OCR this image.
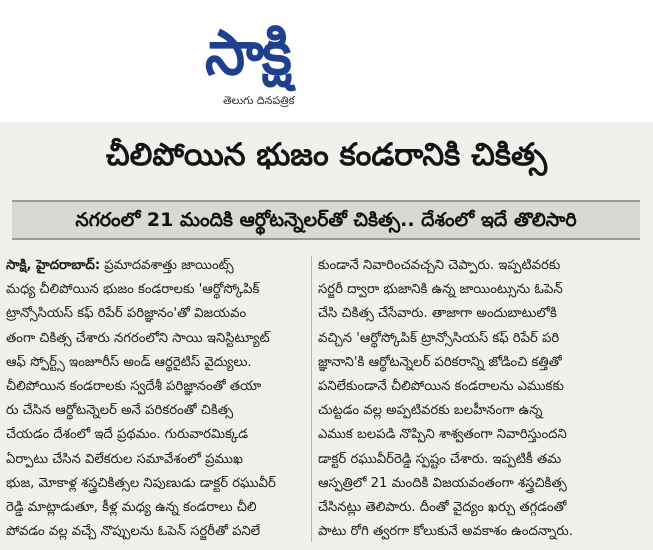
సాక్షి
తెలుగు దినపత్రిక
చీలిపోయిన భుజం కండరానికి చికిత్స
నగరంలో 21 మందికి ఆర్థోటన్నెలర్‌తో చికిత్స.. దేశంలో ఇదే తొలిసారి
సాక్షి, హైదరాబాద్: ప్రమాదవశాత్తు జాయింట్స్
మధ్య చీలిపోయిన భుజం కండరాలకు 'ఆర్థోస్కోపిక్
ట్రాన్సోసియస్ కఫ్ రిపేర్ పరిజ్ఞానం'తో విజయవం
తంగా చికిత్స చేశారు నగరంలోని సాయి ఇనిస్టిట్యూట్
ఆఫ్ స్పోర్ట్స్ ఇంజూరీస్ అండ్ ఆర్థరైటిస్ వైద్యులు.
చీలిపోయిన కండరాలకు స్వదేశీ పరిజ్ఞానంతో తయా
రు చేసిన ఆర్థోటన్నెలర్ అనే పరికరంతో చికిత్స
చేయడం దేశంలో ఇదే ప్రథమం. గురువారమిక్కడ
ఏర్పాటు చేసిన విలేకరుల సమావేశంలో ప్రముఖ
భుజ, మోకాళ్ల శస్త్రచికిత్సల నిపుణుడు డాక్టర్ రఘువీర్
రెడ్డి మాట్లాడుతూ, కీళ్ల మధ్య ఉన్న కండరాలు చీలి
పోవడం వల్ల వచ్చే నొప్పులను ఓపెన్ సర్జరీతో పనిలే
కుండానే నివారించవచ్చని చెప్పారు. ఇప్పటివరకు
సర్జరీ ద్వారా భుజానికి ఉన్న జాయింట్సును ఓపెన్
చేసి చికిత్స చేసేవారు. తాజాగా అందుబాటులోకి
వచ్చిన 'ఆర్థోస్కోపిక్ ట్రాన్సోసియస్ కఫ్ రిపేర్ పరి
జ్ఞానాని'కి ఆర్థోటన్నెలర్ పరికరాన్ని జోడించి కత్తితో
పనిలేకుండానే చీలిపోయిన కండరాలను ఎముకకు
చుట్టడం వల్ల అప్పటివరకు బలహీనంగా ఉన్న
ఎముక బలపడి నొప్పిని శాశ్వతంగా నివారిస్తుందని
డాక్టర్ రఘువీర్‌రెడ్డి స్పష్టం చేశారు. ఇప్పటికీ తమ
ఆస్పత్రిలో 21 మందికి విజయవంతంగా శస్త్రచికిత్స
చేసినట్లు తెలిపారు. దీంతో వైద్యం ఖర్చు తగ్గడంతో
పాటు రోగి త్వరగా కోలుకునే అవకాశం ఉందన్నారు.
